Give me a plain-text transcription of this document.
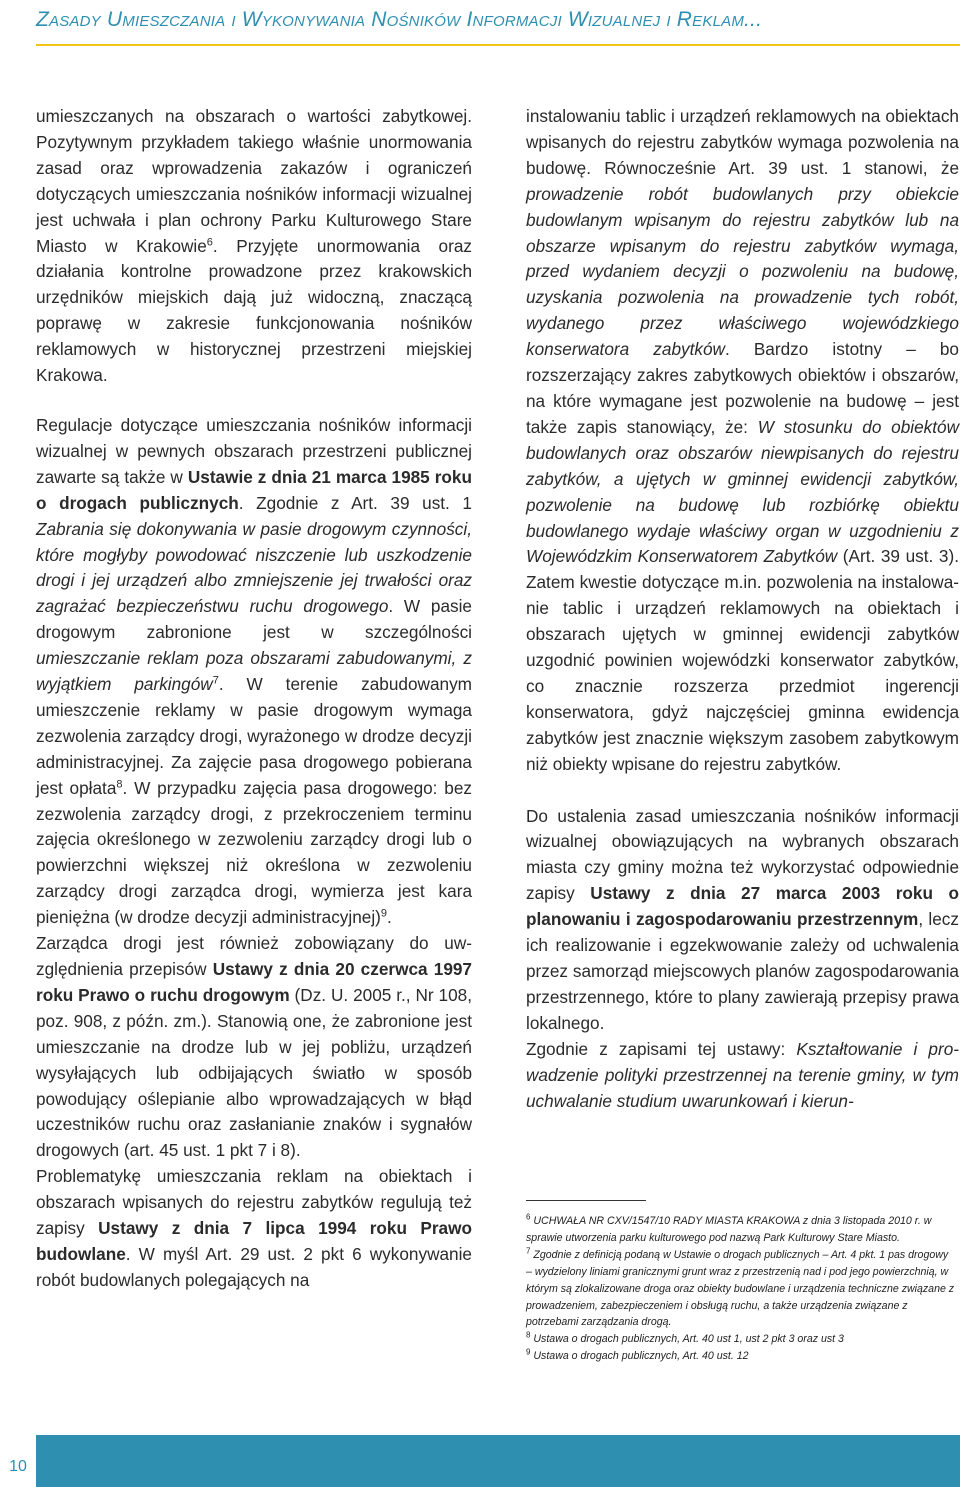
Zasady Umieszczania i Wykonywania Nośników Informacji Wizualnej i Reklam...

umieszczanych na obszarach o wartości zabytkowej. Pozytywnym przykładem takiego właśnie unormowania zasad oraz wprowadzenia zakazów i ograniczeń dotyczących umieszczania nośników informacji wizualnej jest uchwała i plan ochrony Parku Kulturowego Stare Miasto w Krakowie$^6$. Przyjęte unormowania oraz działania kontrolne prowadzone przez krakowskich urzędników miejskich dają już widoczną, znaczącą poprawę w zakresie funkcjonowania nośników reklamowych w historycznej przestrzeni miejskiej Krakowa.

Regulacje dotyczące umieszczania nośników informacji wizualnej w pewnych obszarach przestrzeni publicznej zawarte są także w Ustawie z dnia 21 marca 1985 roku o drogach publicznych. Zgodnie z Art. 39 ust. 1 Zabrania się dokonywania w pasie drogowym czynności, które mogłyby powodować niszczenie lub uszkodzenie drogi i jej urządzeń albo zmniejszenie jej trwałości oraz zagrażać bezpieczeństwu ruchu drogowego. W pasie drogowym zabronione jest w szczególności umieszczanie reklam poza obszarami zabudowanymi, z wyjątkiem parkingów$^7$. W terenie zabudowanym umieszczenie reklamy w pasie drogowym wymaga zezwolenia zarządcy drogi, wyrażonego w drodze decyzji administracyjnej. Za zajęcie pasa drogowego pobierana jest opłata$^8$. W przypadku zajęcia pasa drogowego: bez zezwolenia zarządcy drogi, z przekroczeniem terminu zajęcia określonego w zezwoleniu zarządcy drogi lub o powierzchni większej niż określona w zezwoleniu zarządcy drogi zarządca drogi, wymierza jest kara pieniężna (w drodze decyzji administracyjnej)$^9$.

Zarządca drogi jest również zobowiązany do uwzględnienia przepisów Ustawy z dnia 20 czerwca 1997 roku Prawo o ruchu drogowym (Dz. U. 2005 r., Nr 108, poz. 908, z późn. zm.). Stanowią one, że zabronione jest umieszczanie na drodze lub w jej pobliżu, urządzeń wysyłających lub odbijających światło w sposób powodujący oślepianie albo wprowadzających w błąd uczestników ruchu oraz zasłanianie znaków i sygnałów drogowych (art. 45 ust. 1 pkt 7 i 8).

Problematykę umieszczania reklam na obiektach i obszarach wpisanych do rejestru zabytków regulują też zapisy Ustawy z dnia 7 lipca 1994 roku Prawo budowlane. W myśl Art. 29 ust. 2 pkt 6 wykonywanie robót budowlanych polegających na

instalowaniu tablic i urządzeń reklamowych na obiektach wpisanych do rejestru zabytków wymaga pozwolenia na budowę. Równocześnie Art. 39 ust. 1 stanowi, że prowadzenie robót budowlanych przy obiekcie budowlanym wpisanym do rejestru zabytków lub na obszarze wpisanym do rejestru zabytków wymaga, przed wydaniem decyzji o pozwoleniu na budowę, uzyskania pozwolenia na prowadzenie tych robót, wydanego przez właściwego wojewódzkiego konserwatora zabytków. Bardzo istotny – bo rozszerzający zakres zabytkowych obiektów i obszarów, na które wymagane jest pozwolenie na budowę – jest także zapis stanowiący, że: W stosunku do obiektów budowlanych oraz obszarów niewpisanych do rejestru zabytków, a ujętych w gminnej ewidencji zabytków, pozwolenie na budowę lub rozbiórkę obiektu budowlanego wydaje właściwy organ w uzgodnieniu z Wojewódzkim Konserwatorem Zabytków (Art. 39 ust. 3). Zatem kwestie dotyczące m.in. pozwolenia na instalowanie tablic i urządzeń reklamowych na obiektach i obszarach ujętych w gminnej ewidencji zabytków uzgodnić powinien wojewódzki konserwator zabytków, co znacznie rozszerza przedmiot ingerencji konserwatora, gdyż najczęściej gminna ewidencja zabytków jest znacznie większym zasobem zabytkowym niż obiekty wpisane do rejestru zabytków.

Do ustalenia zasad umieszczania nośników informacji wizualnej obowiązujących na wybranych obszarach miasta czy gminy można też wykorzystać odpowiednie zapisy Ustawy z dnia 27 marca 2003 roku o planowaniu i zagospodarowaniu przestrzennym, lecz ich realizowanie i egzekwowanie zależy od uchwalenia przez samorząd miejscowych planów zagospodarowania przestrzennego, które to plany zawierają przepisy prawa lokalnego.

Zgodnie z zapisami tej ustawy: Kształtowanie i prowadzenie polityki przestrzennej na terenie gminy, w tym uchwalanie studium uwarunkowań i kierun-

$^6$ UCHWAŁA NR CXV/1547/10 RADY MIASTA KRAKOWA z dnia 3 listopada 2010 r. w sprawie utworzenia parku kulturowego pod nazwą Park Kulturowy Stare Miasto.

$^7$ Zgodnie z definicją podaną w Ustawie o drogach publicznych – Art. 4 pkt. 1 pas drogowy – wydzielony liniami granicznymi grunt wraz z przestrzenią nad i pod jego powierzchnią, w którym są zlokalizowane droga oraz obiekty budowlane i urządzenia techniczne związane z prowadzeniem, zabezpieczeniem i obsługą ruchu, a także urządzenia związane z potrzebami zarządzania drogą.

$^8$ Ustawa o drogach publicznych, Art. 40 ust 1, ust 2 pkt 3 oraz ust 3

$^9$ Ustawa o drogach publicznych, Art. 40 ust. 12

10
